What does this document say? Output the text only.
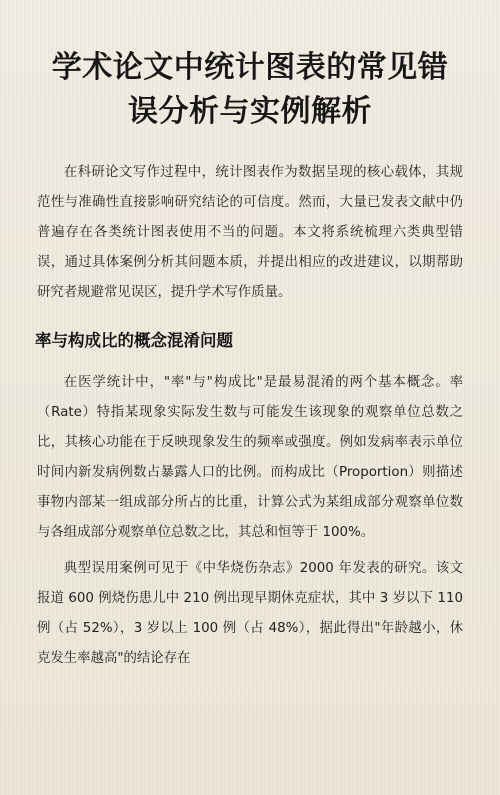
学术论文中统计图表的常见错误分析与实例解析

在科研论文写作过程中，统计图表作为数据呈现的核心载体，其规范性与准确性直接影响研究结论的可信度。然而，大量已发表文献中仍普遍存在各类统计图表使用不当的问题。本文将系统梳理六类典型错误，通过具体案例分析其问题本质，并提出相应的改进建议，以期帮助研究者规避常见误区，提升学术写作质量。

率与构成比的概念混淆问题

在医学统计中，"率"与"构成比"是最易混淆的两个基本概念。率（Rate）特指某现象实际发生数与可能发生该现象的观察单位总数之比，其核心功能在于反映现象发生的频率或强度。例如发病率表示单位时间内新发病例数占暴露人口的比例。而构成比（Proportion）则描述事物内部某一组成部分所占的比重，计算公式为某组成部分观察单位数与各组成部分观察单位总数之比，其总和恒等于 100%。

典型误用案例可见于《中华烧伤杂志》2000 年发表的研究。该文报道 600 例烧伤患儿中 210 例出现早期休克症状，其中 3 岁以下 110 例（占 52%），3 岁以上 100 例（占 48%），据此得出"年龄越小，休克发生率越高"的结论存在
